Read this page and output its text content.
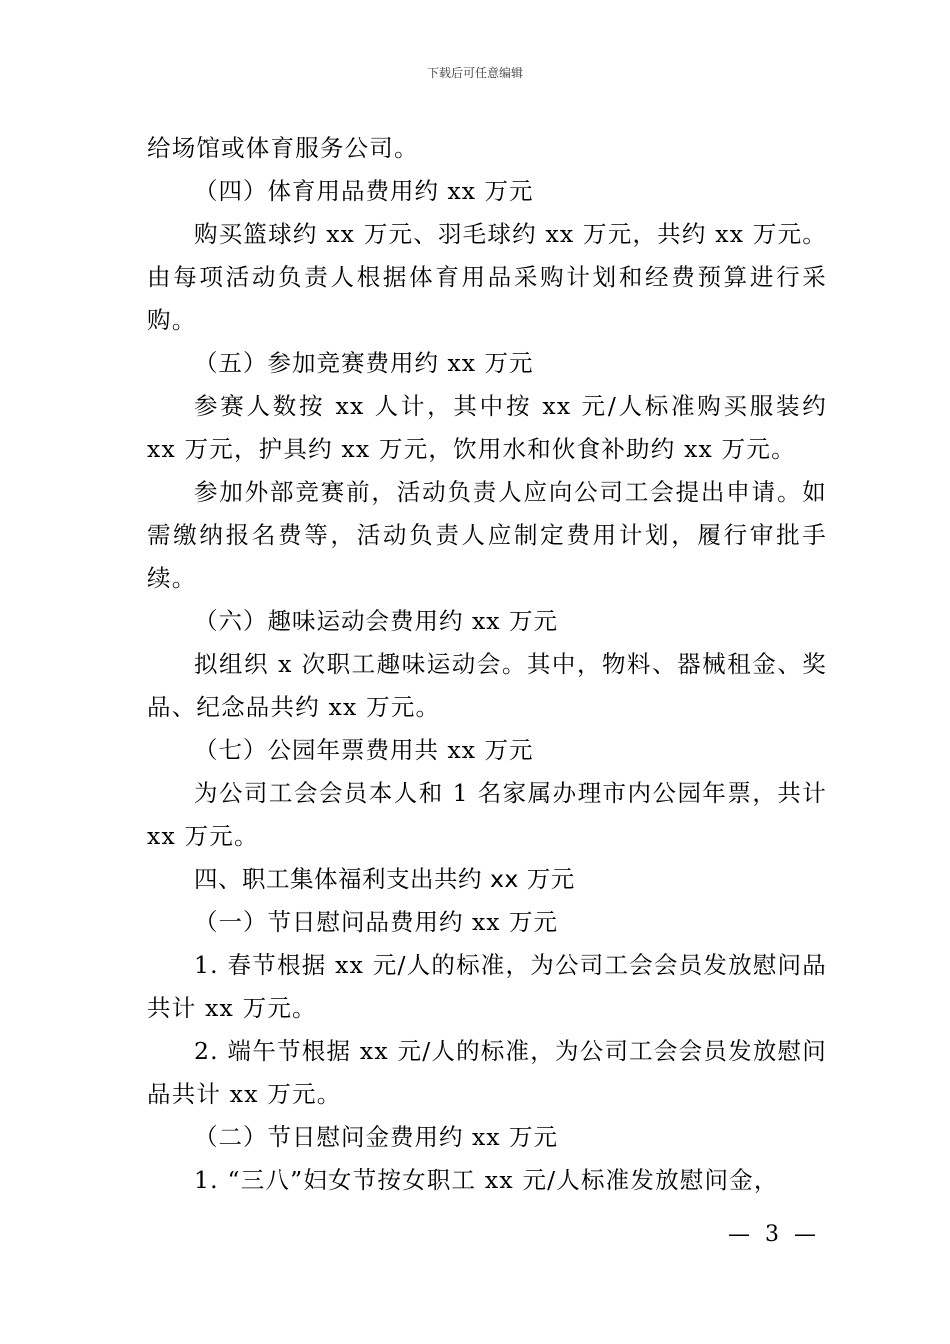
下载后可任意编辑

给场馆或体育服务公司。

（四）体育用品费用约 xx 万元

购买篮球约 xx 万元、羽毛球约 xx 万元，共约 xx 万元。由每项活动负责人根据体育用品采购计划和经费预算进行采购。

（五）参加竞赛费用约 xx 万元

参赛人数按 xx 人计，其中按 xx 元/人标准购买服装约 xx 万元，护具约 xx 万元，饮用水和伙食补助约 xx 万元。

参加外部竞赛前，活动负责人应向公司工会提出申请。如需缴纳报名费等，活动负责人应制定费用计划，履行审批手续。

（六）趣味运动会费用约 xx 万元

拟组织 x 次职工趣味运动会。其中，物料、器械租金、奖品、纪念品共约 xx 万元。

（七）公园年票费用共 xx 万元

为公司工会会员本人和 1 名家属办理市内公园年票，共计 xx 万元。

四、职工集体福利支出共约 xx 万元

（一）节日慰问品费用约 xx 万元

1. 春节根据 xx 元/人的标准，为公司工会会员发放慰问品共计 xx 万元。

2. 端午节根据 xx 元/人的标准，为公司工会会员发放慰问品共计 xx 万元。

（二）节日慰问金费用约 xx 万元

1. “三八”妇女节按女职工 xx 元/人标准发放慰问金，

— 3 —
